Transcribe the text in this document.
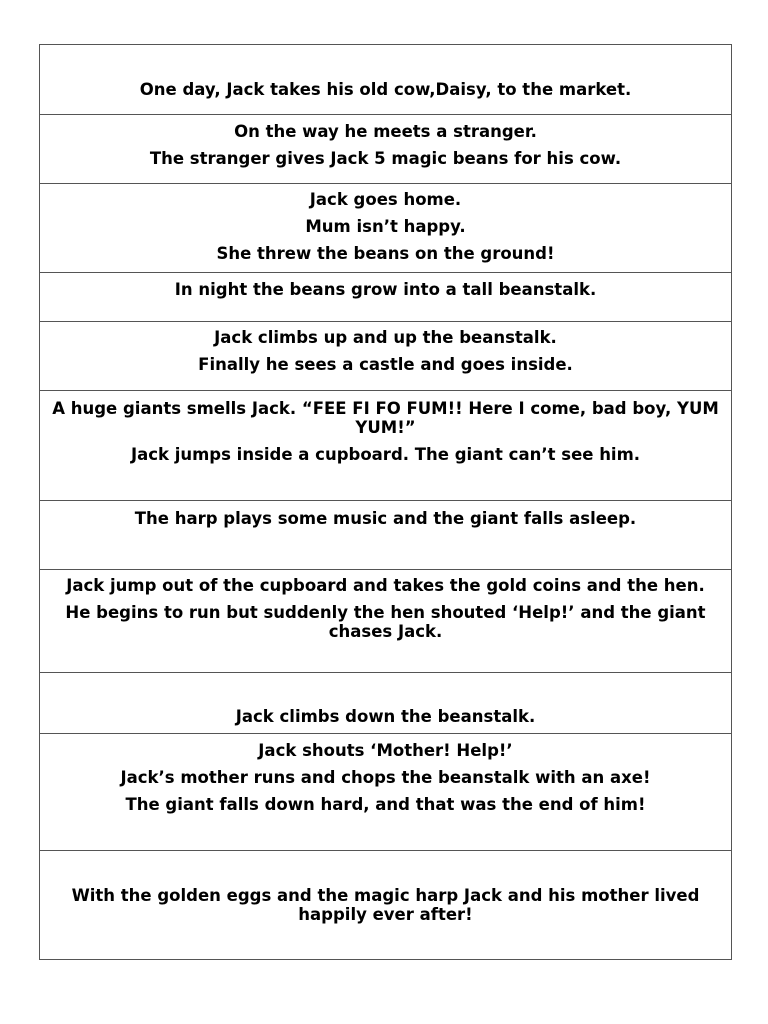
One day, Jack takes his old cow,Daisy, to the market.
On the way he meets a stranger.
The stranger gives Jack 5 magic beans for his cow.
Jack goes home.
Mum isn’t happy.
She threw the beans on the ground!
In night the beans grow into a tall beanstalk.
Jack climbs up and up the beanstalk.
Finally he sees a castle and goes inside.
A huge giants smells Jack. “FEE FI FO FUM!! Here I come, bad boy, YUM YUM!”
Jack jumps inside a cupboard. The giant can’t see him.
The harp plays some music and the giant falls asleep.
Jack jump out of the cupboard and takes the gold coins and the hen.
He begins to run but suddenly the hen shouted ‘Help!’ and the giant chases Jack.
Jack climbs down the beanstalk.
Jack shouts ‘Mother! Help!’
Jack’s mother runs and chops the beanstalk with an axe!
The giant falls down hard, and that was the end of him!
With the golden eggs and the magic harp Jack and his mother lived happily ever after!
